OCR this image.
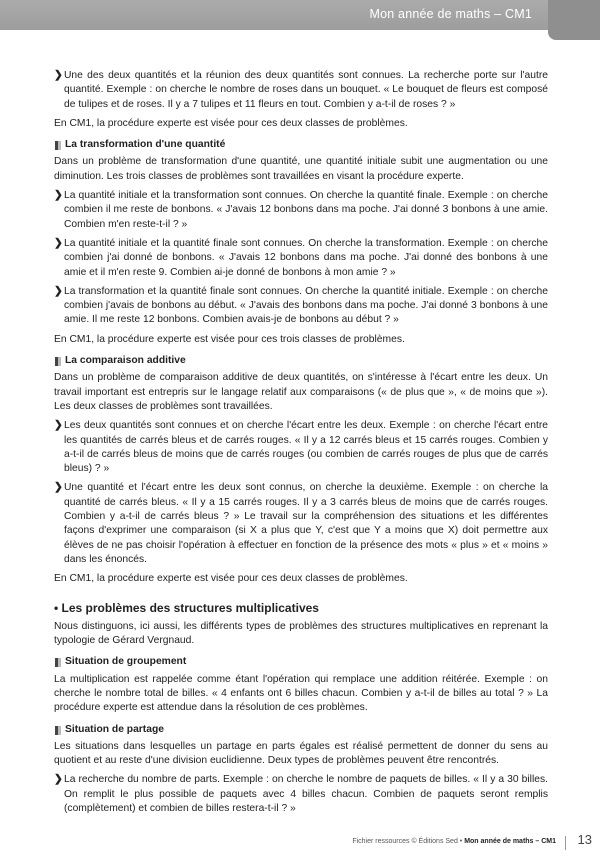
Mon année de maths – CM1
❯ Une des deux quantités et la réunion des deux quantités sont connues. La recherche porte sur l'autre quantité. Exemple : on cherche le nombre de roses dans un bouquet. « Le bouquet de fleurs est composé de tulipes et de roses. Il y a 7 tulipes et 11 fleurs en tout. Combien y a-t-il de roses ? »

En CM1, la procédure experte est visée pour ces deux classes de problèmes.

La transformation d'une quantité

Dans un problème de transformation d'une quantité, une quantité initiale subit une augmentation ou une diminution. Les trois classes de problèmes sont travaillées en visant la procédure experte.

❯ La quantité initiale et la transformation sont connues. On cherche la quantité finale. Exemple : on cherche combien il me reste de bonbons. « J'avais 12 bonbons dans ma poche. J'ai donné 3 bonbons à une amie. Combien m'en reste-t-il ? »
❯ La quantité initiale et la quantité finale sont connues. On cherche la transformation. Exemple : on cherche combien j'ai donné de bonbons. « J'avais 12 bonbons dans ma poche. J'ai donné des bonbons à une amie et il m'en reste 9. Combien ai-je donné de bonbons à mon amie ? »
❯ La transformation et la quantité finale sont connues. On cherche la quantité initiale. Exemple : on cherche combien j'avais de bonbons au début. « J'avais des bonbons dans ma poche. J'ai donné 3 bonbons à une amie. Il me reste 12 bonbons. Combien avais-je de bonbons au début ? »

En CM1, la procédure experte est visée pour ces trois classes de problèmes.

La comparaison additive

Dans un problème de comparaison additive de deux quantités, on s'intéresse à l'écart entre les deux. Un travail important est entrepris sur le langage relatif aux comparaisons (« de plus que », « de moins que »). Les deux classes de problèmes sont travaillées.

❯ Les deux quantités sont connues et on cherche l'écart entre les deux. Exemple : on cherche l'écart entre les quantités de carrés bleus et de carrés rouges. « Il y a 12 carrés bleus et 15 carrés rouges. Combien y a-t-il de carrés bleus de moins que de carrés rouges (ou combien de carrés rouges de plus que de carrés bleus) ? »
❯ Une quantité et l'écart entre les deux sont connus, on cherche la deuxième. Exemple : on cherche la quantité de carrés bleus. « Il y a 15 carrés rouges. Il y a 3 carrés bleus de moins que de carrés rouges. Combien y a-t-il de carrés bleus ? » Le travail sur la compréhension des situations et les différentes façons d'exprimer une comparaison (si X a plus que Y, c'est que Y a moins que X) doit permettre aux élèves de ne pas choisir l'opération à effectuer en fonction de la présence des mots « plus » et « moins » dans les énoncés.

En CM1, la procédure experte est visée pour ces deux classes de problèmes.

• Les problèmes des structures multiplicatives

Nous distinguons, ici aussi, les différents types de problèmes des structures multiplicatives en reprenant la typologie de Gérard Vergnaud.

Situation de groupement

La multiplication est rappelée comme étant l'opération qui remplace une addition réitérée. Exemple : on cherche le nombre total de billes. « 4 enfants ont 6 billes chacun. Combien y a-t-il de billes au total ? » La procédure experte est attendue dans la résolution de ces problèmes.

Situation de partage

Les situations dans lesquelles un partage en parts égales est réalisé permettent de donner du sens au quotient et au reste d'une division euclidienne. Deux types de problèmes peuvent être rencontrés.

❯ La recherche du nombre de parts. Exemple : on cherche le nombre de paquets de billes. « Il y a 30 billes. On remplit le plus possible de paquets avec 4 billes chacun. Combien de paquets seront remplis (complètement) et combien de billes restera-t-il ? »
Fichier ressources © Éditions Sed • Mon année de maths – CM1 13
